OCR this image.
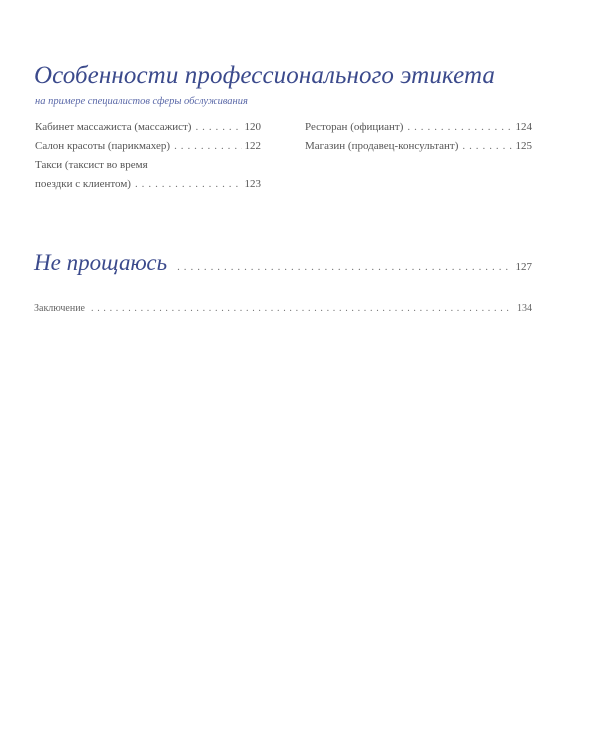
Особенности профессионального этикета
на примере специалистов сферы обслуживания
Кабинет массажиста (массажист) . . .	120
Салон красоты (парикмахер) . . .	122
Такси (таксист во время
поездки с клиентом) . . .	123
Ресторан (официант) . . .	124
Магазин (продавец-консультант) . . .	125
Не прощаюсь . . .	127
Заключение . . .	134
